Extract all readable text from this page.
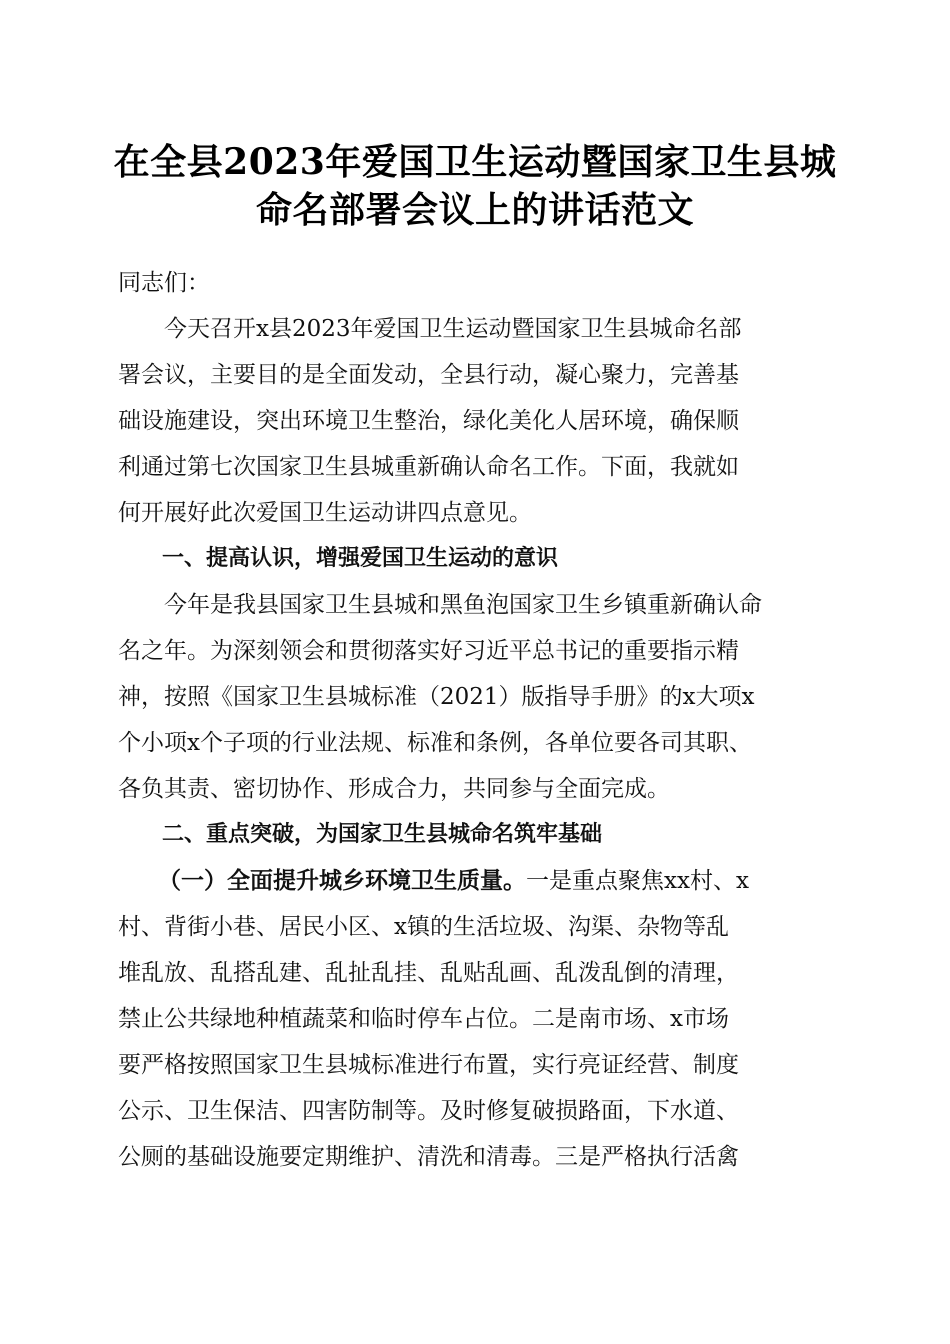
在全县2023年爱国卫生运动暨国家卫生县城
命名部署会议上的讲话范文
同志们：
今天召开x县2023年爱国卫生运动暨国家卫生县城命名部
署会议，主要目的是全面发动，全县行动，凝心聚力，完善基
础设施建设，突出环境卫生整治，绿化美化人居环境，确保顺
利通过第七次国家卫生县城重新确认命名工作。下面，我就如
何开展好此次爱国卫生运动讲四点意见。
一、提高认识，增强爱国卫生运动的意识
今年是我县国家卫生县城和黑鱼泡国家卫生乡镇重新确认命
名之年。为深刻领会和贯彻落实好习近平总书记的重要指示精
神，按照《国家卫生县城标准（2021）版指导手册》的x大项x
个小项x个子项的行业法规、标准和条例，各单位要各司其职、
各负其责、密切协作、形成合力，共同参与全面完成。
二、重点突破，为国家卫生县城命名筑牢基础
（一）全面提升城乡环境卫生质量。 一是重点聚焦xx村、x
村、背街小巷、居民小区、x镇的生活垃圾、沟渠、杂物等乱
堆乱放、乱搭乱建、乱扯乱挂、乱贴乱画、乱泼乱倒的清理，
禁止公共绿地种植蔬菜和临时停车占位。二是南市场、x市场
要严格按照国家卫生县城标准进行布置，实行亮证经营、制度
公示、卫生保洁、四害防制等。及时修复破损路面，下水道、
公厕的基础设施要定期维护、清洗和清毒。三是严格执行活禽
